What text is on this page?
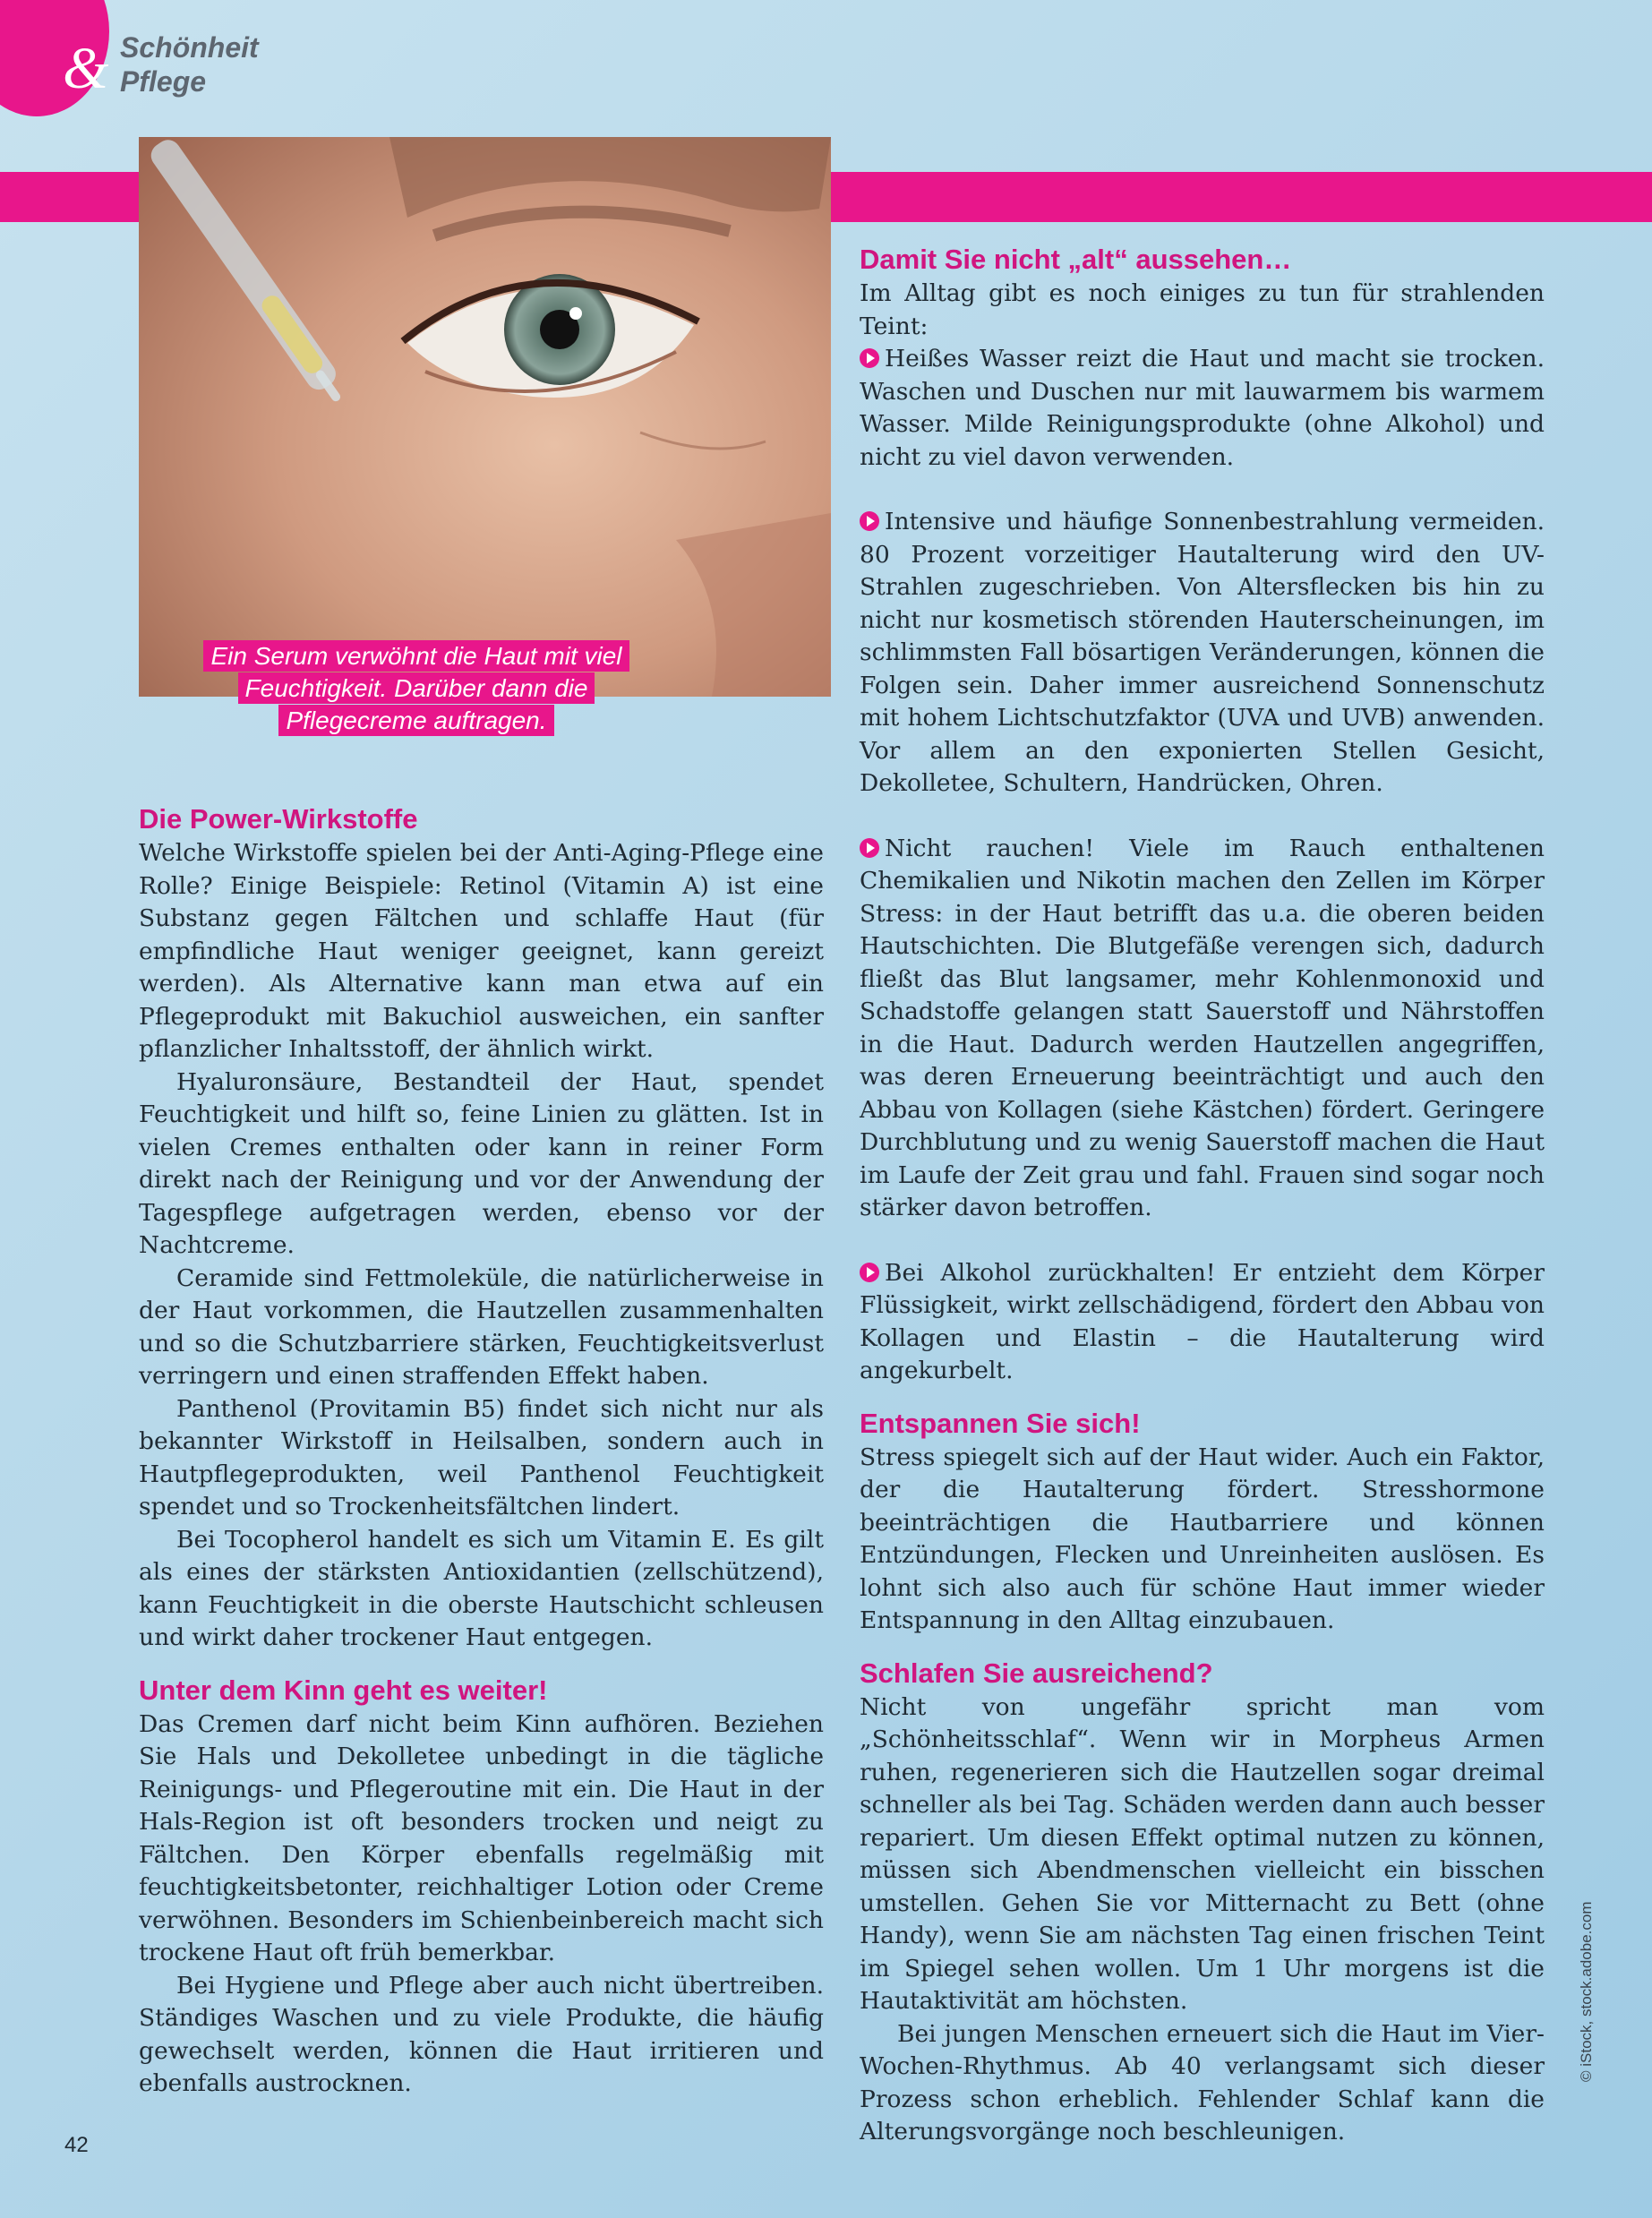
& Schönheit
Pflege
Ein Serum verwöhnt die Haut mit viel Feuchtigkeit. Darüber dann die Pflegecreme auftragen.
Die Power-Wirkstoffe

Welche Wirkstoffe spielen bei der Anti-Aging-Pflege eine Rolle? Einige Beispiele: Retinol (Vitamin A) ist eine Substanz gegen Fältchen und schlaffe Haut (für empfindliche Haut weniger geeignet, kann gereizt werden). Als Alternative kann man etwa auf ein Pflegeprodukt mit Bakuchiol ausweichen, ein sanfter pflanzlicher Inhaltsstoff, der ähnlich wirkt.

Hyaluronsäure, Bestandteil der Haut, spendet Feuchtigkeit und hilft so, feine Linien zu glätten. Ist in vielen Cremes enthalten oder kann in reiner Form direkt nach der Reinigung und vor der Anwendung der Tagespflege aufgetragen werden, ebenso vor der Nachtcreme.

Ceramide sind Fettmoleküle, die natürlicherweise in der Haut vorkommen, die Hautzellen zusammenhalten und so die Schutzbarriere stärken, Feuchtigkeitsverlust verringern und einen straffenden Effekt haben.

Panthenol (Provitamin B5) findet sich nicht nur als bekannter Wirkstoff in Heilsalben, sondern auch in Hautpflegeprodukten, weil Panthenol Feuchtigkeit spendet und so Trockenheitsfältchen lindert.

Bei Tocopherol handelt es sich um Vitamin E. Es gilt als eines der stärksten Antioxidantien (zellschützend), kann Feuchtigkeit in die oberste Hautschicht schleusen und wirkt daher trockener Haut entgegen.

Unter dem Kinn geht es weiter!

Das Cremen darf nicht beim Kinn aufhören. Beziehen Sie Hals und Dekolletee unbedingt in die tägliche Reinigungs- und Pflegeroutine mit ein. Die Haut in der Hals-Region ist oft besonders trocken und neigt zu Fältchen. Den Körper ebenfalls regelmäßig mit feuchtigkeitsbetonter, reichhaltiger Lotion oder Creme verwöhnen. Besonders im Schienbeinbereich macht sich trockene Haut oft früh bemerkbar.

Bei Hygiene und Pflege aber auch nicht übertreiben. Ständiges Waschen und zu viele Produkte, die häufig gewechselt werden, können die Haut irritieren und ebenfalls austrocknen.

Damit Sie nicht „alt“ aussehen…

Im Alltag gibt es noch einiges zu tun für strahlenden Teint:

Heißes Wasser reizt die Haut und macht sie trocken. Waschen und Duschen nur mit lauwarmem bis warmem Wasser. Milde Reinigungsprodukte (ohne Alkohol) und nicht zu viel davon verwenden.

Intensive und häufige Sonnenbestrahlung vermeiden. 80 Prozent vorzeitiger Hautalterung wird den UV-Strahlen zugeschrieben. Von Altersflecken bis hin zu nicht nur kosmetisch störenden Hauterscheinungen, im schlimmsten Fall bösartigen Veränderungen, können die Folgen sein. Daher immer ausreichend Sonnenschutz mit hohem Lichtschutzfaktor (UVA und UVB) anwenden. Vor allem an den exponierten Stellen Gesicht, Dekolletee, Schultern, Handrücken, Ohren.

Nicht rauchen! Viele im Rauch enthaltenen Chemikalien und Nikotin machen den Zellen im Körper Stress: in der Haut betrifft das u.a. die oberen beiden Hautschichten. Die Blutgefäße verengen sich, dadurch fließt das Blut langsamer, mehr Kohlenmonoxid und Schadstoffe gelangen statt Sauerstoff und Nährstoffen in die Haut. Dadurch werden Hautzellen angegriffen, was deren Erneuerung beeinträchtigt und auch den Abbau von Kollagen (siehe Kästchen) fördert. Geringere Durchblutung und zu wenig Sauerstoff machen die Haut im Laufe der Zeit grau und fahl. Frauen sind sogar noch stärker davon betroffen.

Bei Alkohol zurückhalten! Er entzieht dem Körper Flüssigkeit, wirkt zellschädigend, fördert den Abbau von Kollagen und Elastin – die Hautalterung wird angekurbelt.

Entspannen Sie sich!

Stress spiegelt sich auf der Haut wider. Auch ein Faktor, der die Hautalterung fördert. Stresshormone beeinträchtigen die Hautbarriere und können Entzündungen, Flecken und Unreinheiten auslösen. Es lohnt sich also auch für schöne Haut immer wieder Entspannung in den Alltag einzubauen.

Schlafen Sie ausreichend?

Nicht von ungefähr spricht man vom „Schönheitsschlaf“. Wenn wir in Morpheus Armen ruhen, regenerieren sich die Hautzellen sogar dreimal schneller als bei Tag. Schäden werden dann auch besser repariert. Um diesen Effekt optimal nutzen zu können, müssen sich Abendmenschen vielleicht ein bisschen umstellen. Gehen Sie vor Mitternacht zu Bett (ohne Handy), wenn Sie am nächsten Tag einen frischen Teint im Spiegel sehen wollen. Um 1 Uhr morgens ist die Hautaktivität am höchsten.

Bei jungen Menschen erneuert sich die Haut im Vier-Wochen-Rhythmus. Ab 40 verlangsamt sich dieser Prozess schon erheblich. Fehlender Schlaf kann die Alterungsvorgänge noch beschleunigen.

© iStock, stock.adobe.com
42
